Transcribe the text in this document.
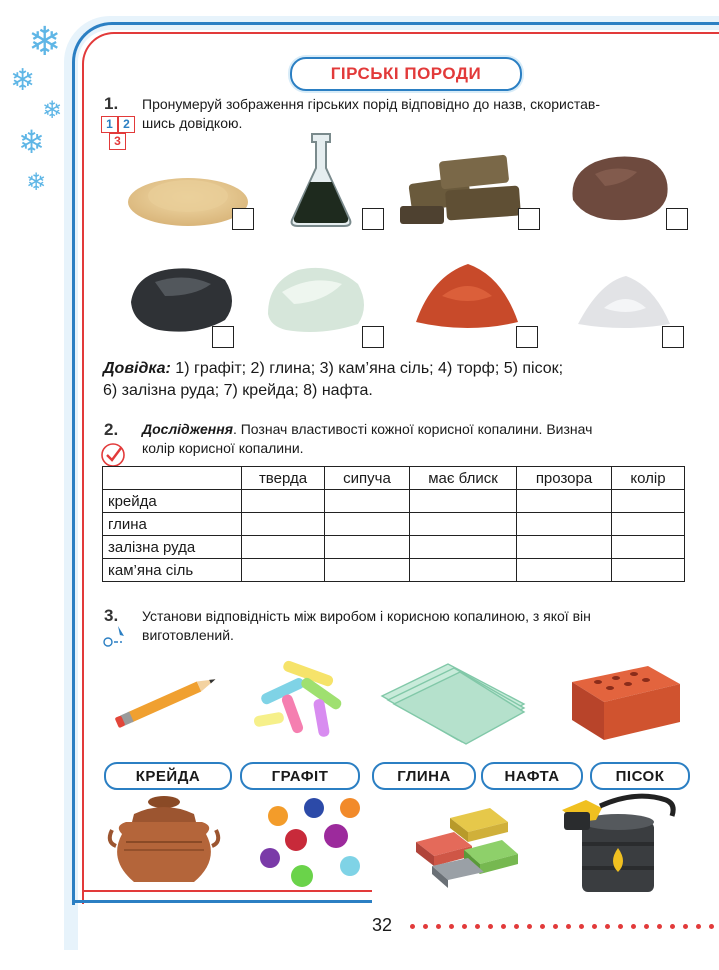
❄
❄
❄
❄
❄
ГІРСЬКІ ПОРОДИ
1. Пронумеруй зображення гірських порід відповідно до назв, скористав-
шись довідкою.
1 2
3
Довідка: 1) графіт; 2) глина; 3) кам’яна сіль; 4) торф; 5) пісок;
6) залізна руда; 7) крейда; 8) нафта.
2. Дослідження. Познач властивості кожної корисної копалини. Визнач
колір корисної копалини.
	тверда	сипуча	має блиск	прозора	колір
крейда					
глина					
залізна руда					
кам’яна сіль					
3. Установи відповідність між виробом і корисною копалиною, з якої він
виготовлений.
КРЕЙДА	ГРАФІТ	ГЛИНА	НАФТА	ПІСОК
32
